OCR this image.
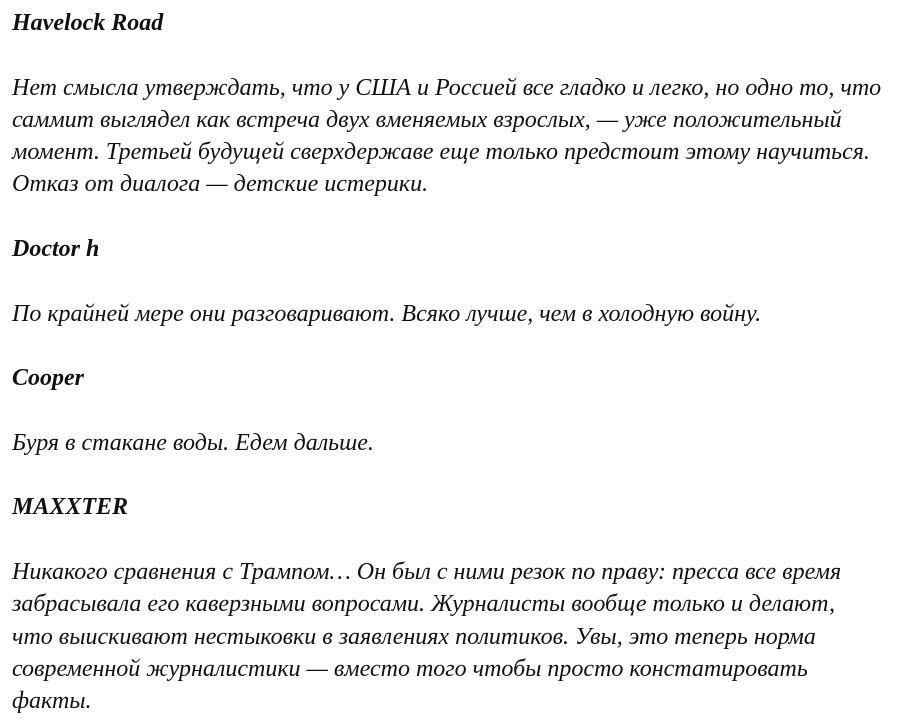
Havelock Road
Нет смысла утверждать, что у США и Россией все гладко и легко, но одно то, что
саммит выглядел как встреча двух вменяемых взрослых, — уже положительный
момент. Третьей будущей сверхдержаве еще только предстоит этому научиться.
Отказ от диалога — детские истерики.
Doctor h
По крайней мере они разговаривают. Всяко лучше, чем в холодную войну.
Cooper
Буря в стакане воды. Едем дальше.
MAXXTER
Никакого сравнения с Трампом… Он был с ними резок по праву: пресса все время
забрасывала его каверзными вопросами. Журналисты вообще только и делают,
что выискивают нестыковки в заявлениях политиков. Увы, это теперь норма
современной журналистики — вместо того чтобы просто констатировать
факты.
